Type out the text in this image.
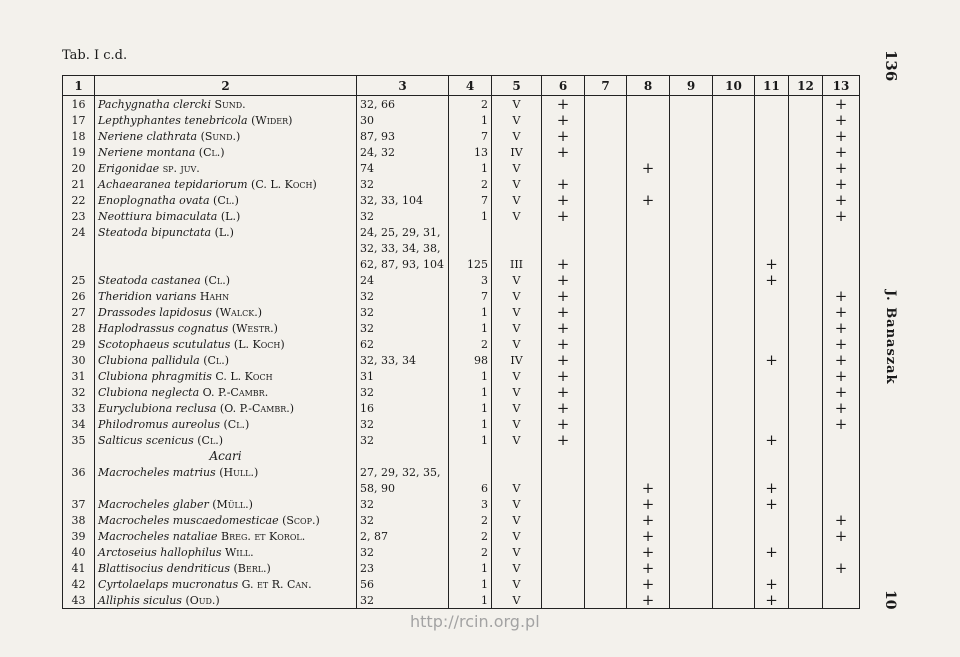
Tab. I c.d.	136
J. Banaszak
10
1	2	3	4	5	6	7	8	9	10	11	12	13
16	Pachygnatha clercki Sund.	32, 66	2	V	+							+
17	Lepthyphantes tenebricola (Wider)	30	1	V	+							+
18	Neriene clathrata (Sund.)	87, 93	7	V	+							+
19	Neriene montana (Cl.)	24, 32	13	IV	+							+
20	Erigonidae sp. juv.	74	1	V			+					+
21	Achaearanea tepidariorum (C. L. Koch)	32	2	V	+							+
22	Enoplognatha ovata (Cl.)	32, 33, 104	7	V	+		+					+
23	Neottiura bimaculata (L.)	32	1	V	+							+
24	Steatoda bipunctata (L.)	24, 25, 29, 31,										
		32, 33, 34, 38,										
		62, 87, 93, 104	125	III	+					+		
25	Steatoda castanea (Cl.)	24	3	V	+					+		
26	Theridion varians Hahn	32	7	V	+							+
27	Drassodes lapidosus (Walck.)	32	1	V	+							+
28	Haplodrassus cognatus (Westr.)	32	1	V	+							+
29	Scotophaeus scutulatus (L. Koch)	62	2	V	+							+
30	Clubiona pallidula (Cl.)	32, 33, 34	98	IV	+					+		+
31	Clubiona phragmitis C. L. Koch	31	1	V	+							+
32	Clubiona neglecta O. P.-Cambr.	32	1	V	+							+
33	Euryclubiona reclusa (O. P.-Cambr.)	16	1	V	+							+
34	Philodromus aureolus (Cl.)	32	1	V	+							+
35	Salticus scenicus (Cl.)	32	1	V	+					+		
	Acari											
36	Macrocheles matrius (Hull.)	27, 29, 32, 35,										
		58, 90	6	V			+			+		
37	Macrocheles glaber (Müll.)	32	3	V			+			+		
38	Macrocheles muscaedomesticae (Scop.)	32	2	V			+					+
39	Macrocheles nataliae Breg. et Korol.	2, 87	2	V			+					+
40	Arctoseius hallophilus Will.	32	2	V			+			+		
41	Blattisocius dendriticus (Berl.)	23	1	V			+					+
42	Cyrtolaelaps mucronatus G. et R. Can.	56	1	V			+			+		
43	Alliphis siculus (Oud.)	32	1	V			+			+		
http://rcin.org.pl
